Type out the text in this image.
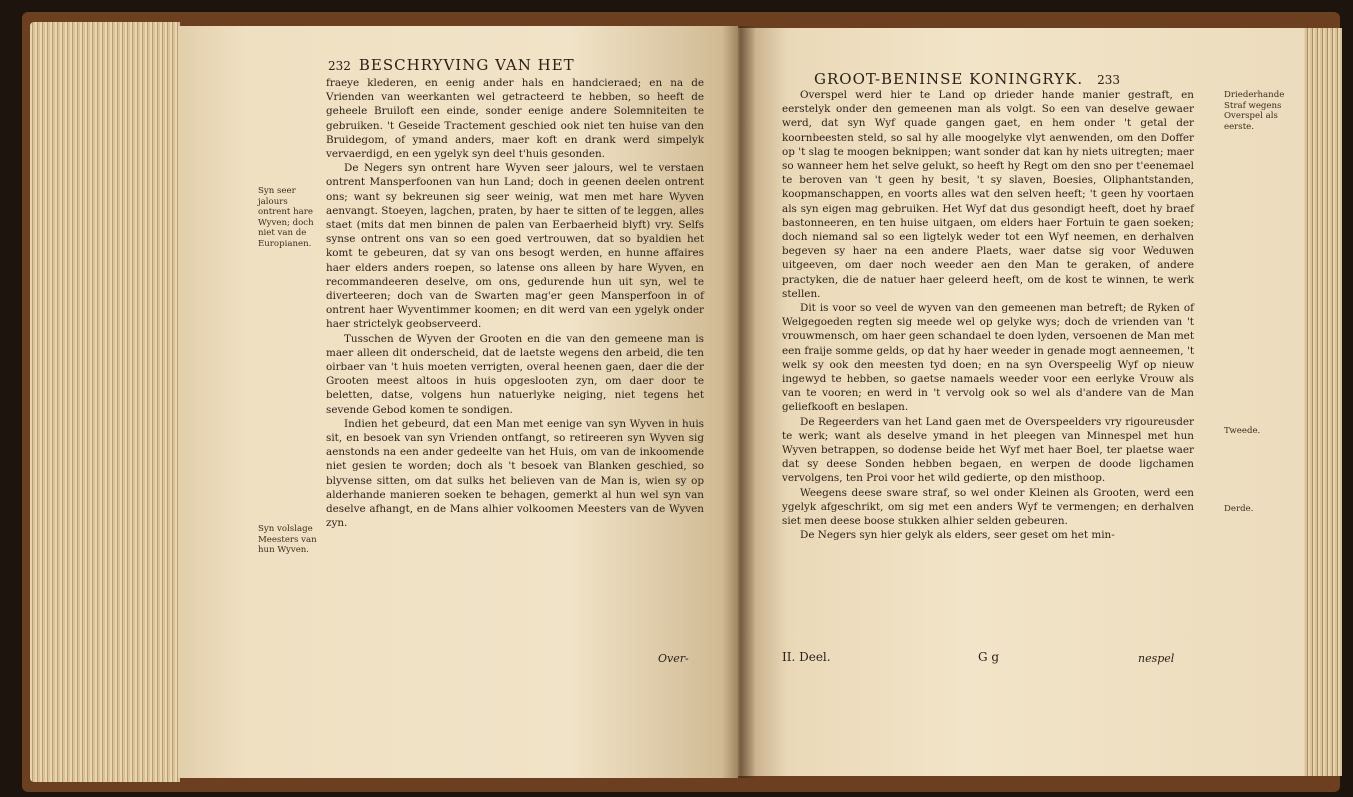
232 BESCHRYVING VAN HET

fraeye klederen, en eenig ander hals en handcieraed; en na de Vrienden van weerkanten wel getracteerd te hebben, so heeft de geheele Bruiloft een einde, sonder eenige andere Solemniteiten te gebruiken. 't Geseide Tractement geschied ook niet ten huise van den Bruidegom, of ymand anders, maer koft en drank werd simpelyk vervaerdigd, en een ygelyk syn deel t'huis gesonden.

De Negers syn ontrent hare Wyven seer jalours, wel te verstaen ontrent Mansperfoonen van hun Land; doch in geenen deelen ontrent ons; want sy bekreunen sig seer weinig, wat men met hare Wyven aenvangt. Stoeyen, lagchen, praten, by haer te sitten of te leggen, alles staet (mits dat men binnen de palen van Eerbaerheid blyft) vry. Selfs synse ontrent ons van so een goed vertrouwen, dat so byaldien het komt te gebeuren, dat sy van ons besogt werden, en hunne affaires haer elders anders roepen, so latense ons alleen by hare Wyven, en recommandeeren deselve, om ons, gedurende hun uit syn, wel te diverteeren; doch van de Swarten mag'er geen Mansperfoon in of ontrent haer Wyventimmer koomen; en dit werd van een ygelyk onder haer strictelyk geobserveerd.

Tusschen de Wyven der Grooten en die van den gemeene man is maer alleen dit onderscheid, dat de laetste wegens den arbeid, die ten oirbaer van 't huis moeten verrigten, overal heenen gaen, daer die der Grooten meest altoos in huis opgeslooten zyn, om daer door te beletten, datse, volgens hun natuerlyke neiging, niet tegens het sevende Gebod komen te sondigen.

Indien het gebeurd, dat een Man met eenige van syn Wyven in huis sit, en besoek van syn Vrienden ontfangt, so retireeren syn Wyven sig aenstonds na een ander gedeelte van het Huis, om van de inkoomende niet gesien te worden; doch als 't besoek van Blanken geschied, so blyvense sitten, om dat sulks het believen van de Man is, wien sy op alderhande manieren soeken te behagen, gemerkt al hun wel syn van deselve afhangt, en de Mans alhier volkoomen Meesters van de Wyven zyn.

Syn seer jalours ontrent hare Wyven; doch niet van de Europianen.
Syn volslage Meesters van hun Wyven.
Over-
GROOT-BENINSE KONINGRYK. 233

Overspel werd hier te Land op drieder hande manier gestraft, en eerstelyk onder den gemeenen man als volgt. So een van deselve gewaer werd, dat syn Wyf quade gangen gaet, en hem onder 't getal der koornbeesten steld, so sal hy alle moogelyke vlyt aenwenden, om den Doffer op 't slag te moogen beknippen; want sonder dat kan hy niets uitregten; maer so wanneer hem het selve gelukt, so heeft hy Regt om den sno per t'eenemael te beroven van 't geen hy besit, 't sy slaven, Boesies, Oliphantstanden, koopmanschappen, en voorts alles wat den selven heeft; 't geen hy voortaen als syn eigen mag gebruiken. Het Wyf dat dus gesondigt heeft, doet hy braef bastonneeren, en ten huise uitgaen, om elders haer Fortuin te gaen soeken; doch niemand sal so een ligtelyk weder tot een Wyf neemen, en derhalven begeven sy haer na een andere Plaets, waer datse sig voor Weduwen uitgeeven, om daer noch weeder aen den Man te geraken, of andere practyken, die de natuer haer geleerd heeft, om de kost te winnen, te werk stellen.

Dit is voor so veel de wyven van den gemeenen man betreft; de Ryken of Welgegoeden regten sig meede wel op gelyke wys; doch de vrienden van 't vrouwmensch, om haer geen schandael te doen lyden, versoenen de Man met een fraije somme gelds, op dat hy haer weeder in genade mogt aenneemen, 't welk sy ook den meesten tyd doen; en na syn Overspeelig Wyf op nieuw ingewyd te hebben, so gaetse namaels weeder voor een eerlyke Vrouw als van te vooren; en werd in 't vervolg ook so wel als d'andere van de Man geliefkooft en beslapen.

De Regeerders van het Land gaen met de Overspeelders vry rigoureusder te werk; want als deselve ymand in het pleegen van Minnespel met hun Wyven betrappen, so dodense beide het Wyf met haer Boel, ter plaetse waer dat sy deese Sonden hebben begaen, en werpen de doode ligchamen vervolgens, ten Proi voor het wild gedierte, op den misthoop.

Weegens deese sware straf, so wel onder Kleinen als Grooten, werd een ygelyk afgeschrikt, om sig met een anders Wyf te vermengen; en derhalven siet men deese boose stukken alhier selden gebeuren.

De Negers syn hier gelyk als elders, seer geset om het min-

Driederhande Straf wegens Overspel als eerste.
Tweede.
Derde.
II. Deel.	G g	nespel
